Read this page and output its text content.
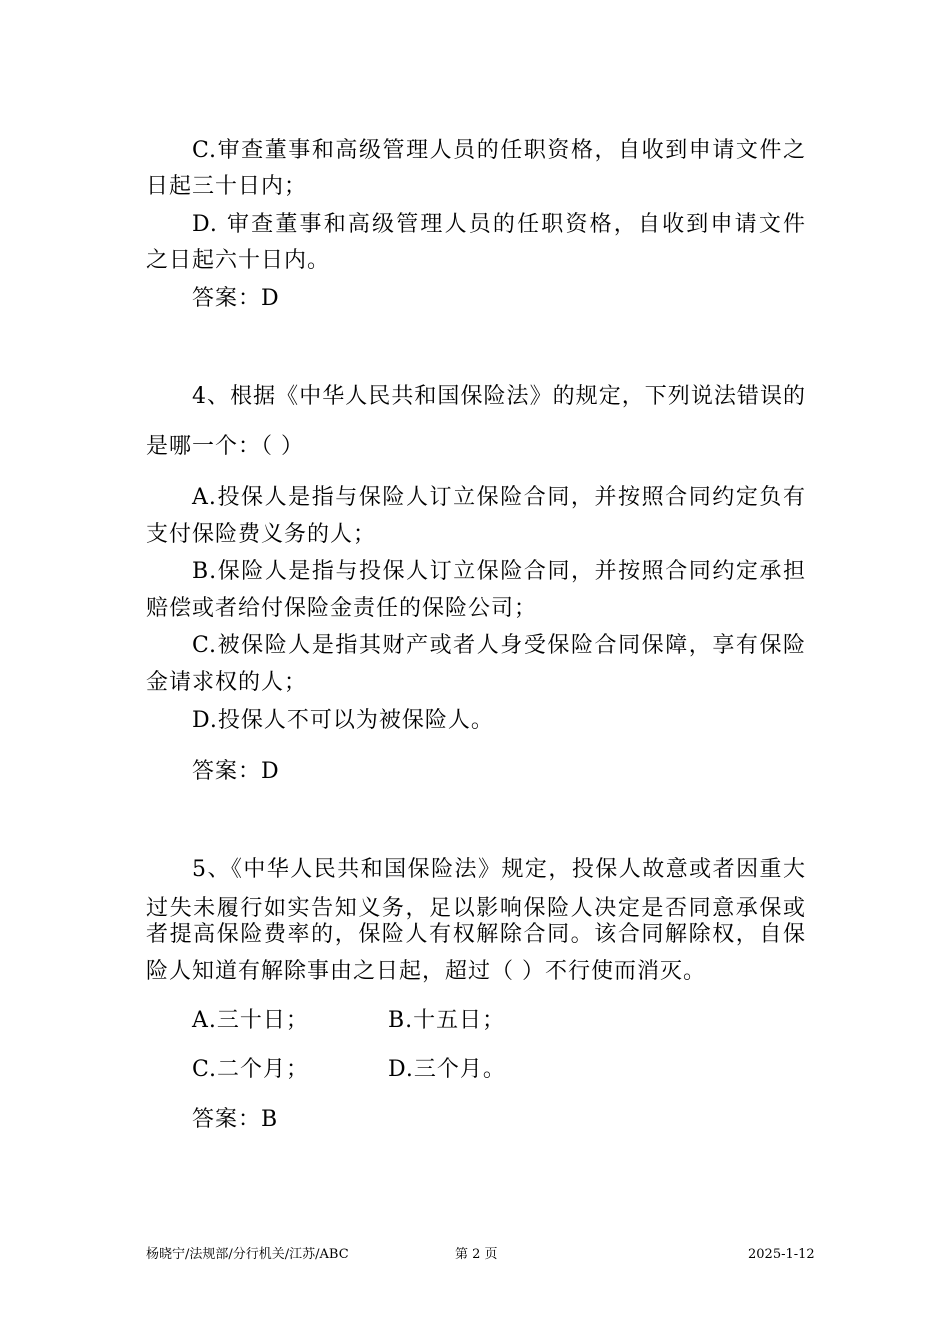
C.审查董事和高级管理人员的任职资格，自收到申请文件之
日起三十日内；
D. 审查董事和高级管理人员的任职资格，自收到申请文件
之日起六十日内。
答案：D
4、根据《中华人民共和国保险法》的规定，下列说法错误的
是哪一个：（ ）
A.投保人是指与保险人订立保险合同，并按照合同约定负有
支付保险费义务的人；
B.保险人是指与投保人订立保险合同，并按照合同约定承担
赔偿或者给付保险金责任的保险公司；
C.被保险人是指其财产或者人身受保险合同保障，享有保险
金请求权的人；
D.投保人不可以为被保险人。
答案：D
5、《中华人民共和国保险法》规定，投保人故意或者因重大
过失未履行如实告知义务，足以影响保险人决定是否同意承保或
者提高保险费率的，保险人有权解除合同。该合同解除权，自保
险人知道有解除事由之日起，超过（ ）不行使而消灭。
A.三十日；	B.十五日；
C.二个月；	D.三个月。
答案：B
杨晓宁/法规部/分行机关/江苏/ABC	第 2 页	2025-1-12
